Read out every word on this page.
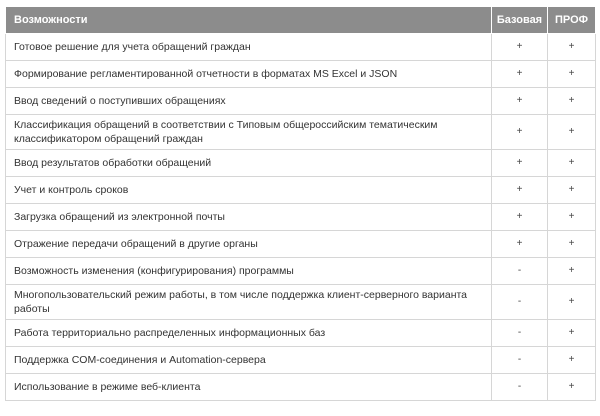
Возможности	Базовая	ПРОФ
Готовое решение для учета обращений граждан	+	+
Формирование регламентированной отчетности в форматах MS Excel и JSON	+	+
Ввод сведений о поступивших обращениях	+	+
Классификация обращений в соответствии с Типовым общероссийским тематическим классификатором обращений граждан	+	+
Ввод результатов обработки обращений	+	+
Учет и контроль сроков	+	+
Загрузка обращений из электронной почты	+	+
Отражение передачи обращений в другие органы	+	+
Возможность изменения (конфигурирования) программы	-	+
Многопользовательский режим работы, в том числе поддержка клиент-серверного варианта работы	-	+
Работа территориально распределенных информационных баз	-	+
Поддержка COM-соединения и Automation-сервера	-	+
Использование в режиме веб-клиента	-	+
